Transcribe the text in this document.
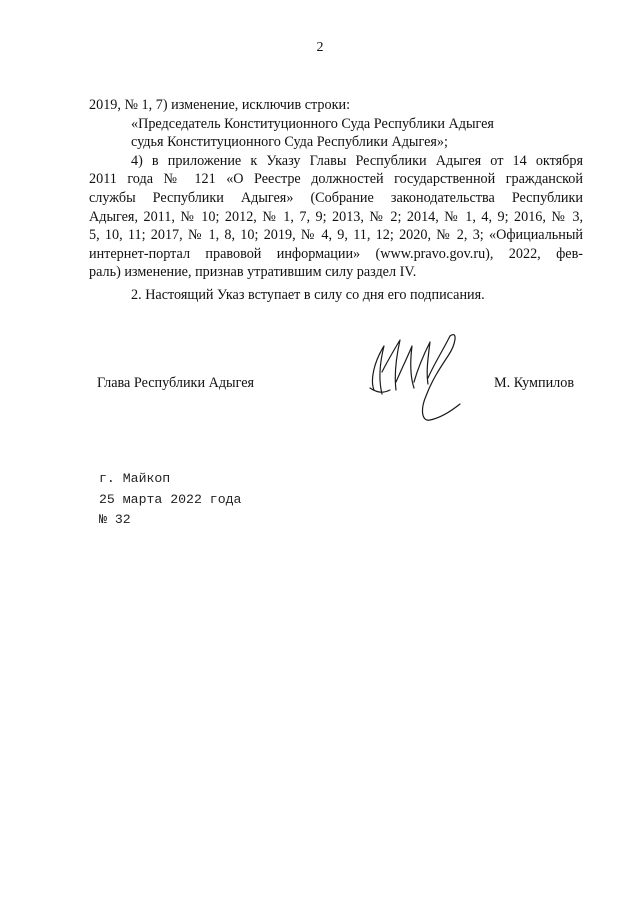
2

2019, № 1, 7) изменение, исключив строки:

«Председатель Конституционного Суда Республики Адыгея

судья Конституционного Суда Республики Адыгея»;

4) в приложение к Указу Главы Республики Адыгея от 14 октября

2011 года № 121 «О Реестре должностей государственной гражданской

службы Республики Адыгея» (Собрание законодательства Республики

Адыгея, 2011, № 10; 2012, № 1, 7, 9; 2013, № 2; 2014, № 1, 4, 9; 2016, № 3,

5, 10, 11; 2017, № 1, 8, 10; 2019, № 4, 9, 11, 12; 2020, № 2, 3; «Официальный

интернет-портал правовой информации» (www.pravo.gov.ru), 2022, фев-

раль) изменение, признав утратившим силу раздел IV.

2. Настоящий Указ вступает в силу со дня его подписания.
Глава Республики Адыгея	М. Кумпилов
г. Майкоп
25 марта 2022 года
№ 32
